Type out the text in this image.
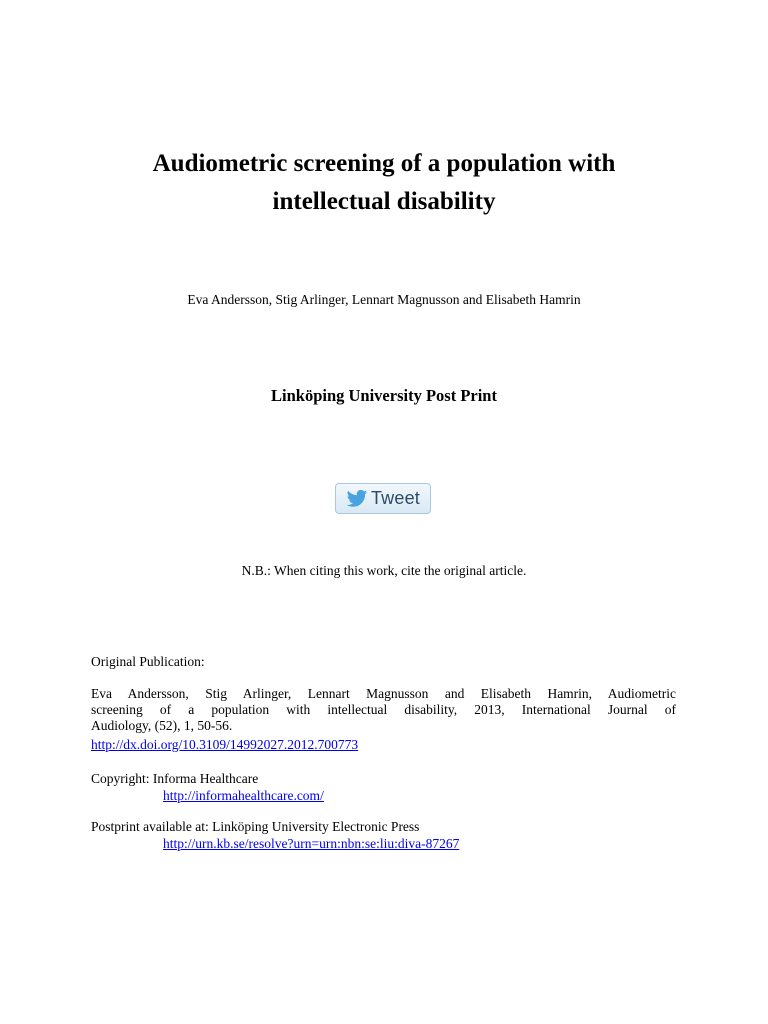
Audiometric screening of a population with
intellectual disability
Eva Andersson, Stig Arlinger, Lennart Magnusson and Elisabeth Hamrin
Linköping University Post Print
Tweet
N.B.: When citing this work, cite the original article.
Original Publication:
Eva Andersson, Stig Arlinger, Lennart Magnusson and Elisabeth Hamrin, Audiometric
screening of a population with intellectual disability, 2013, International Journal of
Audiology, (52), 1, 50-56.
http://dx.doi.org/10.3109/14992027.2012.700773
Copyright: Informa Healthcare
http://informahealthcare.com/
Postprint available at: Linköping University Electronic Press
http://urn.kb.se/resolve?urn=urn:nbn:se:liu:diva-87267
